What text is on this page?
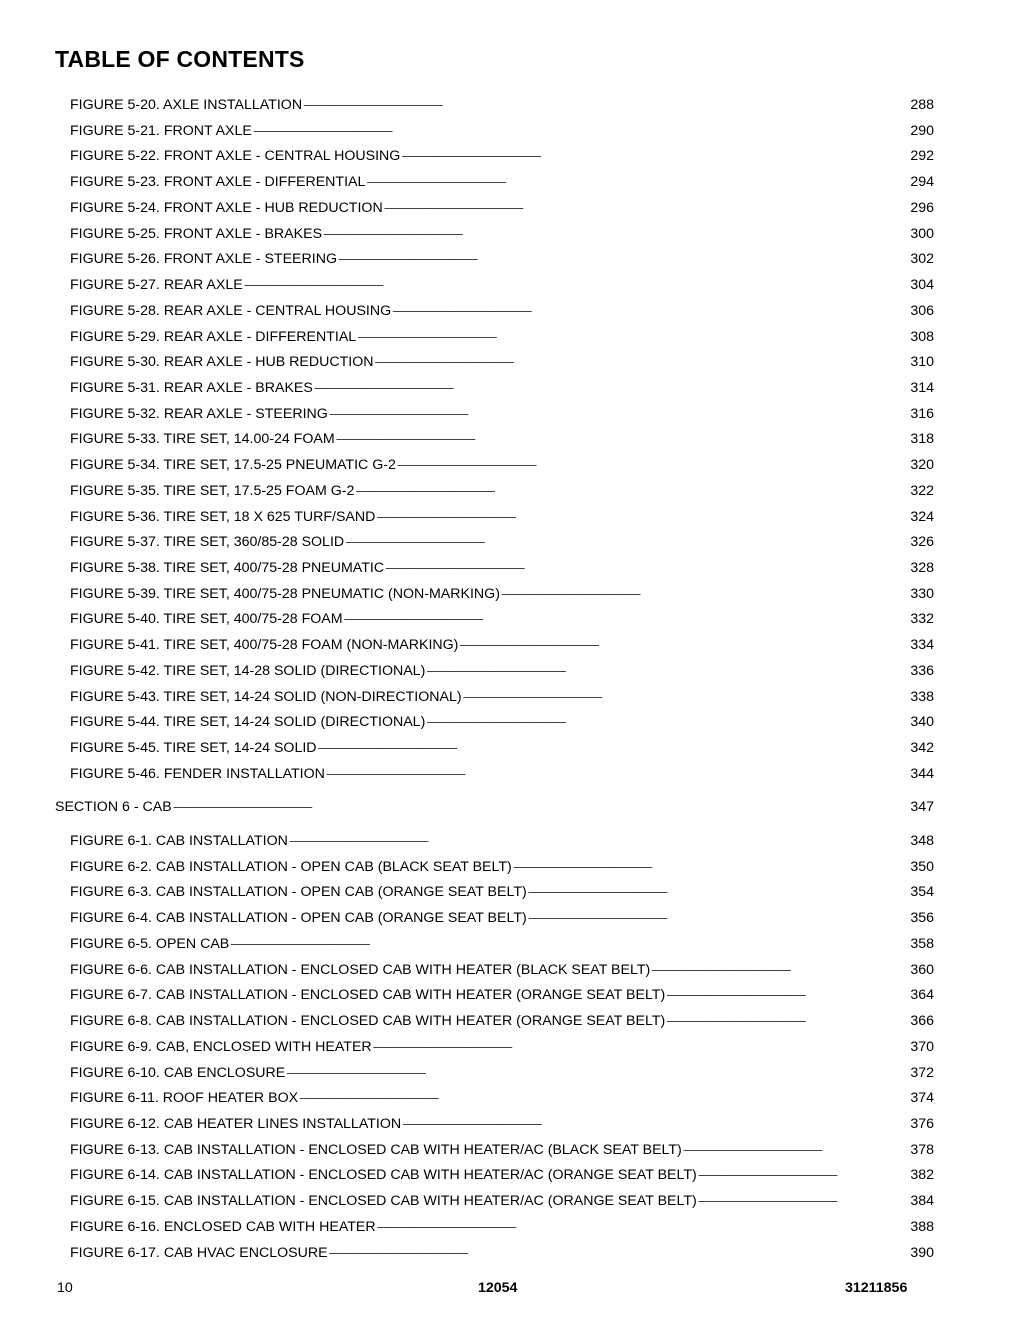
TABLE OF CONTENTS
FIGURE 5-20. AXLE INSTALLATION . . .	288
FIGURE 5-21. FRONT AXLE . . .	290
FIGURE 5-22. FRONT AXLE - CENTRAL HOUSING . . .	292
FIGURE 5-23. FRONT AXLE - DIFFERENTIAL . . .	294
FIGURE 5-24. FRONT AXLE - HUB REDUCTION . . .	296
FIGURE 5-25. FRONT AXLE - BRAKES . . .	300
FIGURE 5-26. FRONT AXLE - STEERING . . .	302
FIGURE 5-27. REAR AXLE . . .	304
FIGURE 5-28. REAR AXLE - CENTRAL HOUSING . . .	306
FIGURE 5-29. REAR AXLE - DIFFERENTIAL . . .	308
FIGURE 5-30. REAR AXLE - HUB REDUCTION . . .	310
FIGURE 5-31. REAR AXLE - BRAKES . . .	314
FIGURE 5-32. REAR AXLE - STEERING . . .	316
FIGURE 5-33. TIRE SET, 14.00-24 FOAM . . .	318
FIGURE 5-34. TIRE SET, 17.5-25 PNEUMATIC G-2 . . .	320
FIGURE 5-35. TIRE SET, 17.5-25 FOAM G-2 . . .	322
FIGURE 5-36. TIRE SET, 18 X 625 TURF/SAND . . .	324
FIGURE 5-37. TIRE SET, 360/85-28 SOLID . . .	326
FIGURE 5-38. TIRE SET, 400/75-28 PNEUMATIC . . .	328
FIGURE 5-39. TIRE SET, 400/75-28 PNEUMATIC (NON-MARKING) . . .	330
FIGURE 5-40. TIRE SET, 400/75-28 FOAM . . .	332
FIGURE 5-41. TIRE SET, 400/75-28 FOAM (NON-MARKING) . . .	334
FIGURE 5-42. TIRE SET, 14-28 SOLID (DIRECTIONAL) . . .	336
FIGURE 5-43. TIRE SET, 14-24 SOLID (NON-DIRECTIONAL) . . .	338
FIGURE 5-44. TIRE SET, 14-24 SOLID (DIRECTIONAL) . . .	340
FIGURE 5-45. TIRE SET, 14-24 SOLID . . .	342
FIGURE 5-46. FENDER INSTALLATION . . .	344
SECTION 6 - CAB . . .	347
FIGURE 6-1. CAB INSTALLATION . . .	348
FIGURE 6-2. CAB INSTALLATION - OPEN CAB (BLACK SEAT BELT) . . .	350
FIGURE 6-3. CAB INSTALLATION - OPEN CAB (ORANGE SEAT BELT) . . .	354
FIGURE 6-4. CAB INSTALLATION - OPEN CAB (ORANGE SEAT BELT) . . .	356
FIGURE 6-5. OPEN CAB . . .	358
FIGURE 6-6. CAB INSTALLATION - ENCLOSED CAB WITH HEATER (BLACK SEAT BELT) . . .	360
FIGURE 6-7. CAB INSTALLATION - ENCLOSED CAB WITH HEATER (ORANGE SEAT BELT) . . .	364
FIGURE 6-8. CAB INSTALLATION - ENCLOSED CAB WITH HEATER (ORANGE SEAT BELT) . . .	366
FIGURE 6-9. CAB, ENCLOSED WITH HEATER . . .	370
FIGURE 6-10. CAB ENCLOSURE . . .	372
FIGURE 6-11. ROOF HEATER BOX . . .	374
FIGURE 6-12. CAB HEATER LINES INSTALLATION . . .	376
FIGURE 6-13. CAB INSTALLATION - ENCLOSED CAB WITH HEATER/AC (BLACK SEAT BELT) . . .	378
FIGURE 6-14. CAB INSTALLATION - ENCLOSED CAB WITH HEATER/AC (ORANGE SEAT BELT) . . .	382
FIGURE 6-15. CAB INSTALLATION - ENCLOSED CAB WITH HEATER/AC (ORANGE SEAT BELT) . . .	384
FIGURE 6-16. ENCLOSED CAB WITH HEATER . . .	388
FIGURE 6-17. CAB HVAC ENCLOSURE . . .	390
10	12054	31211856
